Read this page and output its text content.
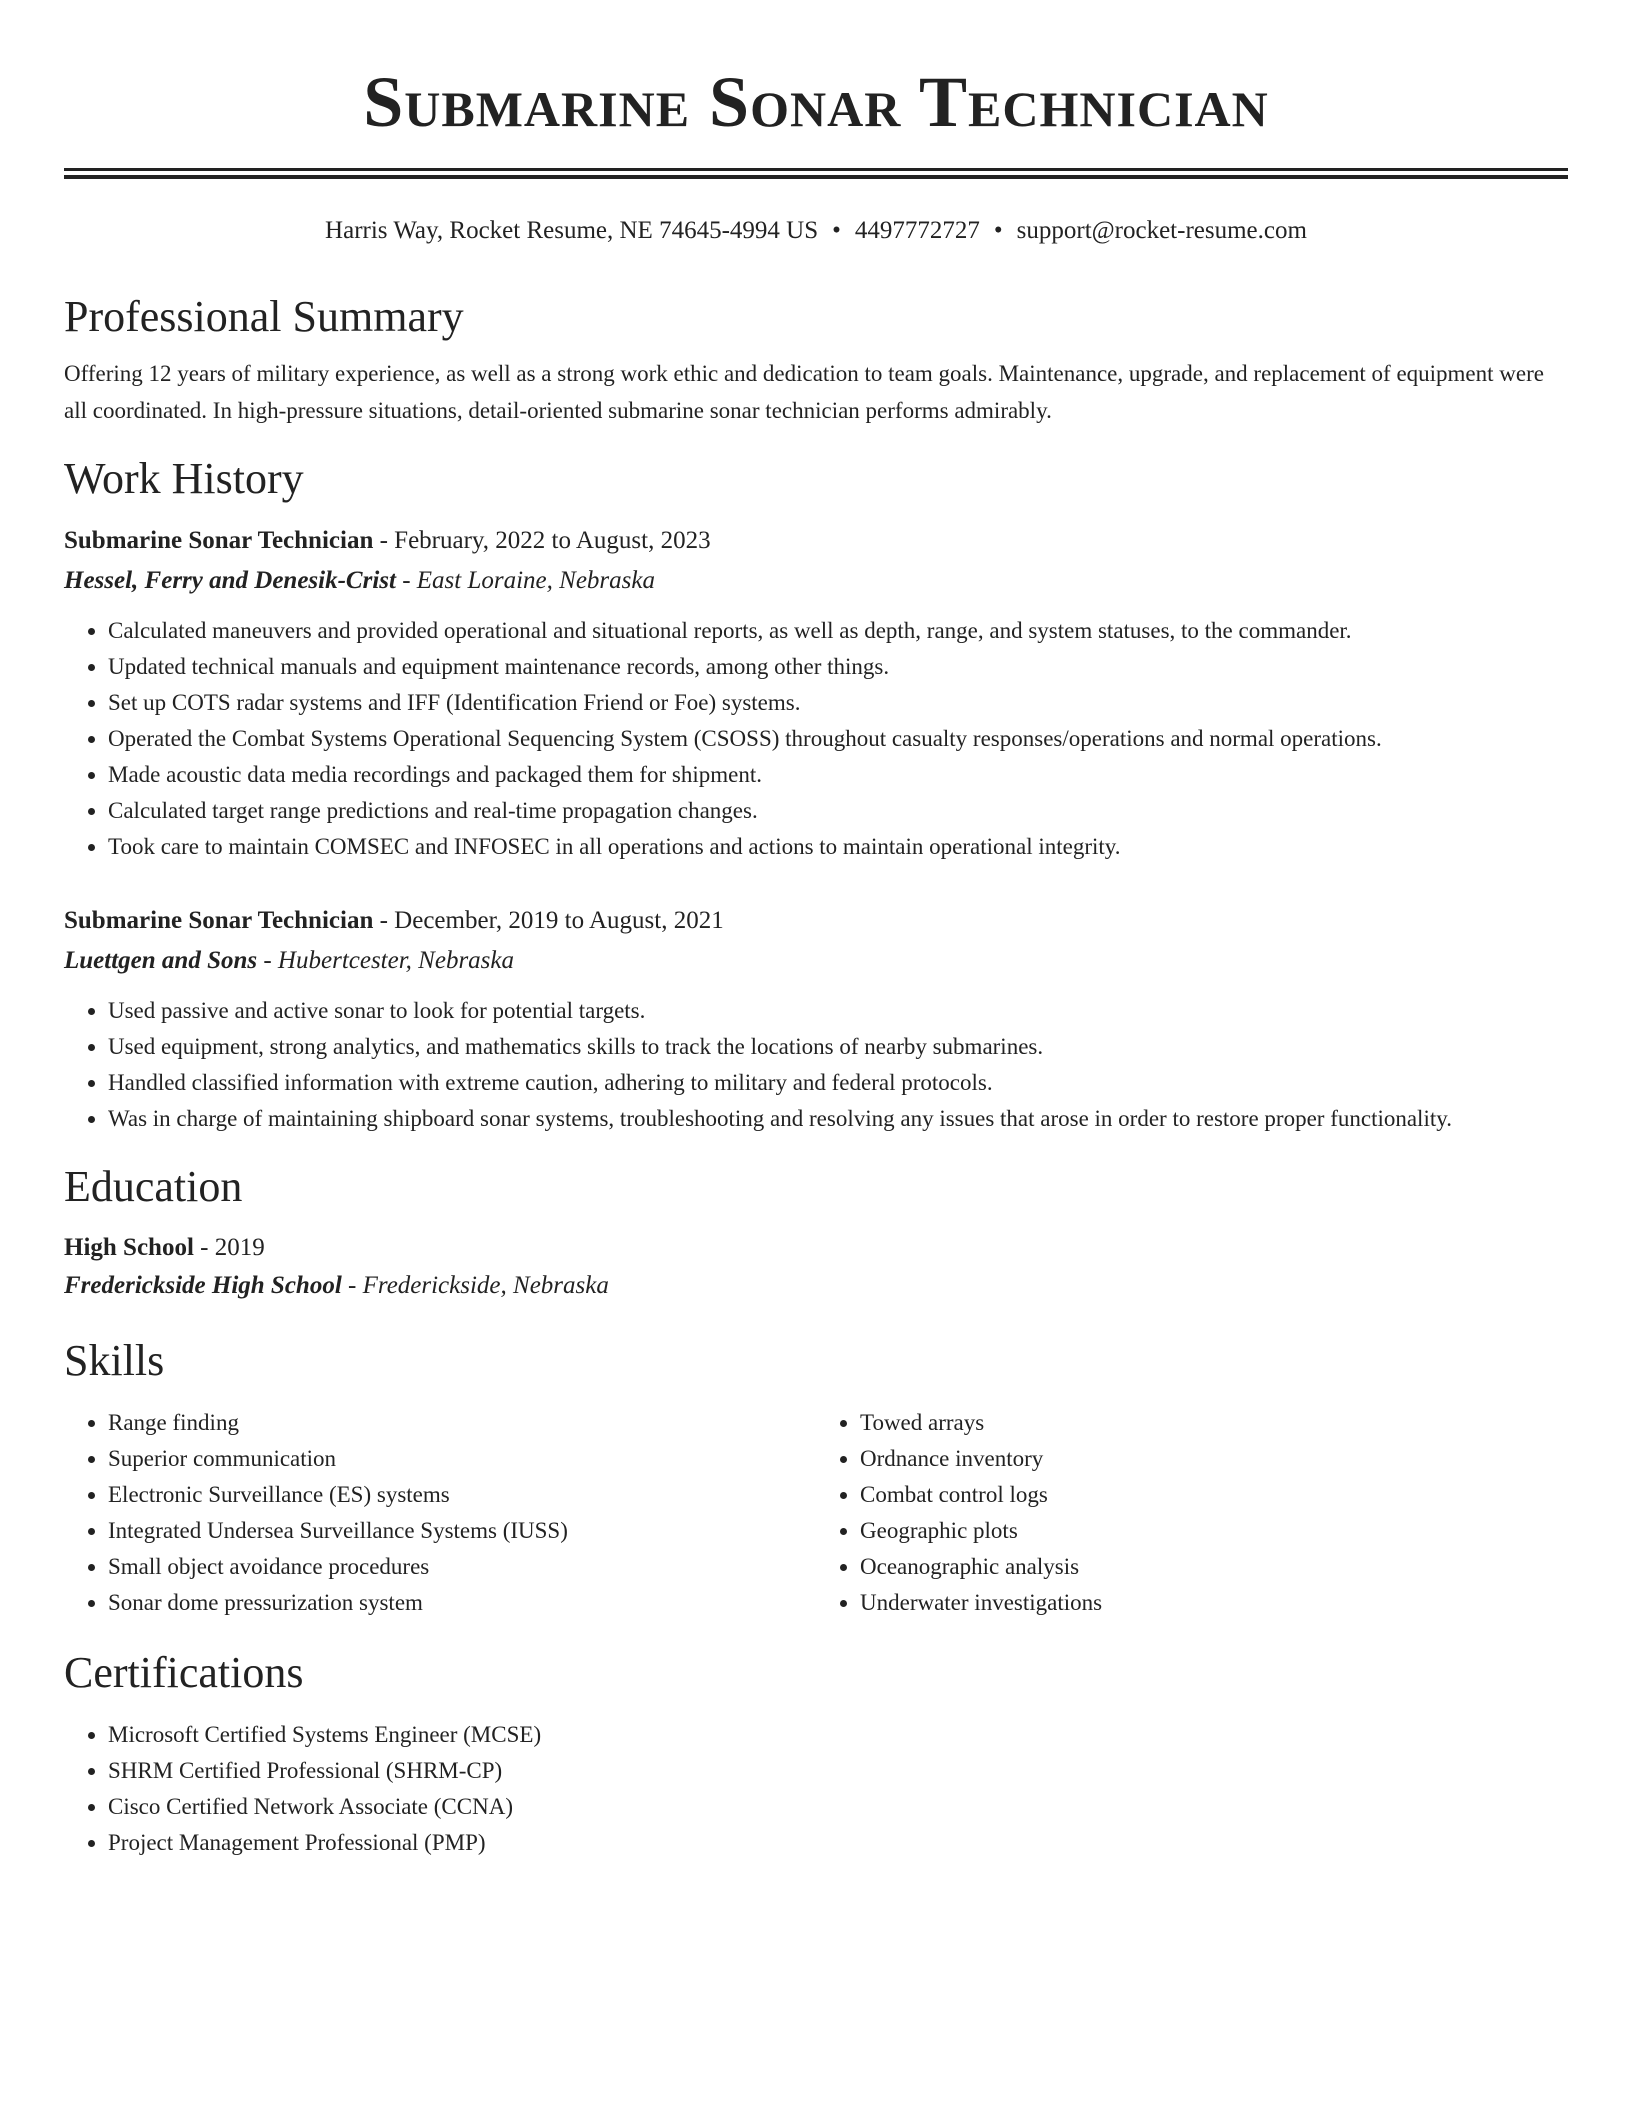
Submarine Sonar Technician
Harris Way, Rocket Resume, NE 74645-4994 US • 4497772727 • support@rocket-resume.com
Professional Summary

Offering 12 years of military experience, as well as a strong work ethic and dedication to team goals. Maintenance, upgrade, and replacement of equipment were all coordinated. In high-pressure situations, detail-oriented submarine sonar technician performs admirably.

Work History
Submarine Sonar Technician - February, 2022 to August, 2023
Hessel, Ferry and Denesik-Crist - East Loraine, Nebraska
• Calculated maneuvers and provided operational and situational reports, as well as depth, range, and system statuses, to the commander.
• Updated technical manuals and equipment maintenance records, among other things.
• Set up COTS radar systems and IFF (Identification Friend or Foe) systems.
• Operated the Combat Systems Operational Sequencing System (CSOSS) throughout casualty responses/operations and normal operations.
• Made acoustic data media recordings and packaged them for shipment.
• Calculated target range predictions and real-time propagation changes.
• Took care to maintain COMSEC and INFOSEC in all operations and actions to maintain operational integrity.
Submarine Sonar Technician - December, 2019 to August, 2021
Luettgen and Sons - Hubertcester, Nebraska
• Used passive and active sonar to look for potential targets.
• Used equipment, strong analytics, and mathematics skills to track the locations of nearby submarines.
• Handled classified information with extreme caution, adhering to military and federal protocols.
• Was in charge of maintaining shipboard sonar systems, troubleshooting and resolving any issues that arose in order to restore proper functionality.
Education
High School - 2019
Frederickside High School - Frederickside, Nebraska
Skills
• Range finding
• Superior communication
• Electronic Surveillance (ES) systems
• Integrated Undersea Surveillance Systems (IUSS)
• Small object avoidance procedures
• Sonar dome pressurization system
• Towed arrays
• Ordnance inventory
• Combat control logs
• Geographic plots
• Oceanographic analysis
• Underwater investigations
Certifications
• Microsoft Certified Systems Engineer (MCSE)
• SHRM Certified Professional (SHRM-CP)
• Cisco Certified Network Associate (CCNA)
• Project Management Professional (PMP)
